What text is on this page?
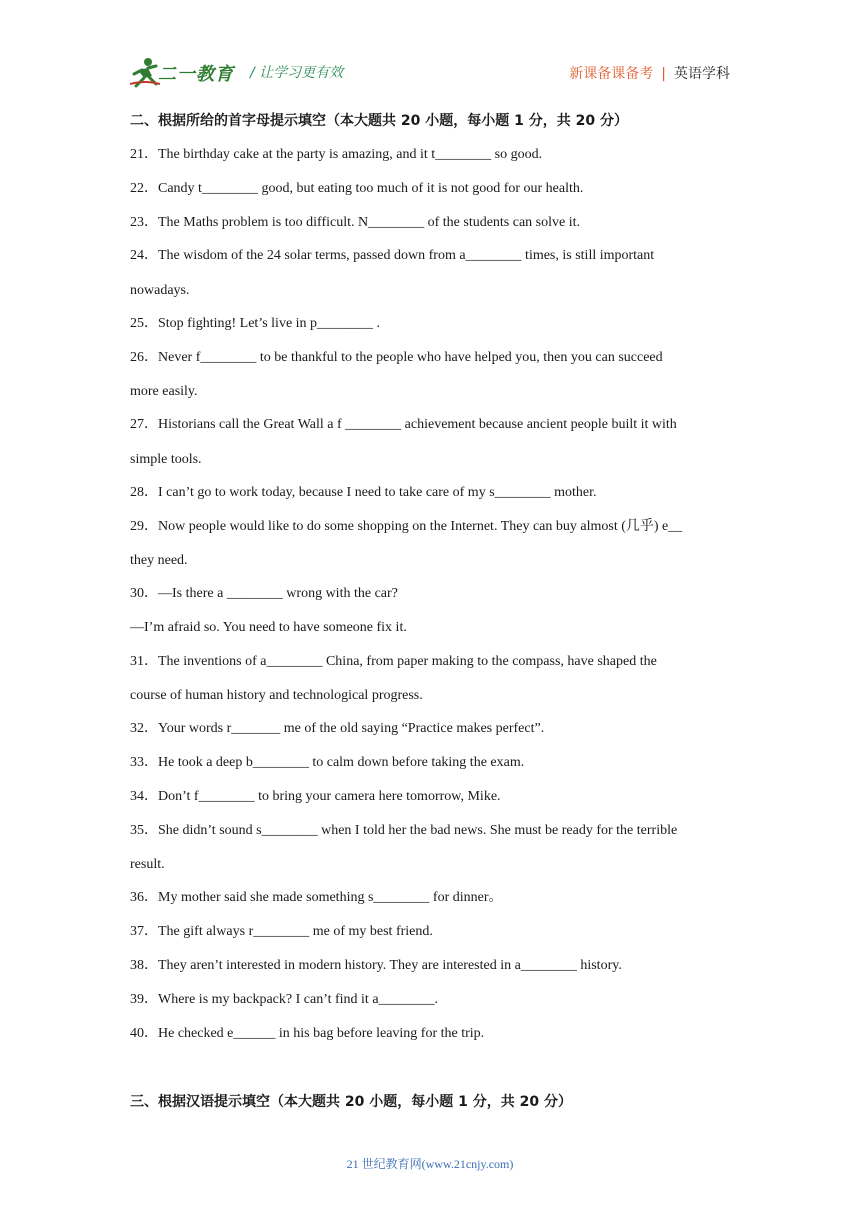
二一教育 / 让学习更有效	新课备课备考 | 英语学科
二、根据所给的首字母提示填空（本大题共 20 小题，每小题 1 分，共 20 分）
21．The birthday cake at the party is amazing, and it t________ so good.
22．Candy t________ good, but eating too much of it is not good for our health.
23．The Maths problem is too difficult. N________ of the students can solve it.
24．The wisdom of the 24 solar terms, passed down from a________ times, is still important
nowadays.
25．Stop fighting! Let’s live in p________ .
26．Never f________ to be thankful to the people who have helped you, then you can succeed
more easily.
27．Historians call the Great Wall a f ________ achievement because ancient people built it with
simple tools.
28．I can’t go to work today, because I need to take care of my s________ mother.
29．Now people would like to do some shopping on the Internet. They can buy almost (几乎) e__
they need.
30．—Is there a ________ wrong with the car?
—I’m afraid so. You need to have someone fix it.
31．The inventions of a________ China, from paper making to the compass, have shaped the
course of human history and technological progress.
32．Your words r_______ me of the old saying “Practice makes perfect”.
33．He took a deep b________ to calm down before taking the exam.
34．Don’t f________ to bring your camera here tomorrow, Mike.
35．She didn’t sound s________ when I told her the bad news. She must be ready for the terrible
result.
36．My mother said she made something s________ for dinner。
37．The gift always r________ me of my best friend.
38．They aren’t interested in modern history. They are interested in a________ history.
39．Where is my backpack? I can’t find it a________.
40．He checked e______ in his bag before leaving for the trip.
三、根据汉语提示填空（本大题共 20 小题，每小题 1 分，共 20 分）
21 世纪教育网(www.21cnjy.com)
